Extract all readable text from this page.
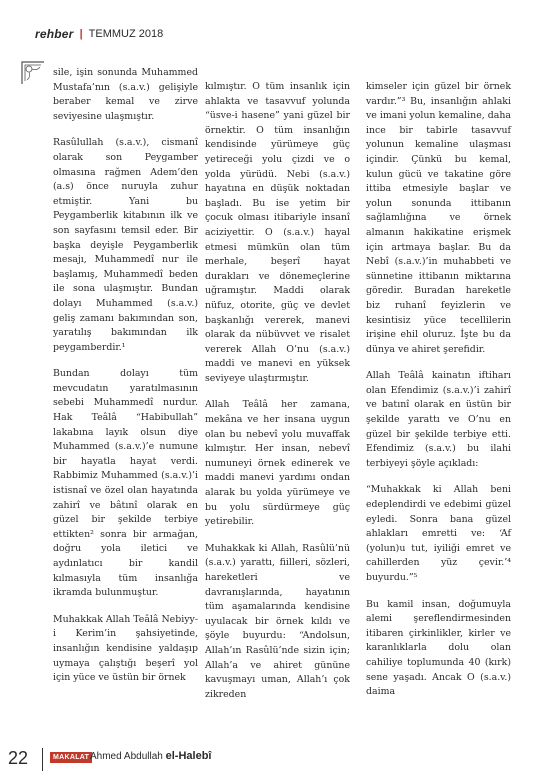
rehber | TEMMUZ 2018

sile, işin sonunda Muhammed Mustafa’nın (s.a.v.) gelişiyle beraber kemal ve zirve seviyesine ulaşmıştır.

Rasûlullah (s.a.v.), cismanî olarak son Peygamber olmasına rağmen Adem’den (a.s) önce nuruyla zuhur etmiştir. Yani bu Peygamberlik kitabının ilk ve son sayfasını temsil eder. Bir başka deyişle Peygamberlik mesajı, Muhammedî nur ile başlamış, Muhammedî beden ile sona ulaşmıştır. Bundan dolayı Muhammed (s.a.v.) geliş zamanı bakımından son, yaratılış bakımından ilk peygamberdir.¹

Bundan dolayı tüm mevcudatın yaratılmasının sebebi Muhammedî nurdur. Hak Teâlâ “Habibullah” lakabına layık olsun diye Muhammed (s.a.v.)’e numune bir hayatla hayat verdi. Rabbimiz Muhammed (s.a.v.)’i istisnaî ve özel olan hayatında zahirî ve bâtınî olarak en güzel bir şekilde terbiye ettikten² sonra bir armağan, doğru yola iletici ve aydınlatıcı bir kandil kılmasıyla tüm insanlığa ikramda bulunmuştur.

Muhakkak Allah Teâlâ Nebiyy-i Kerim’in şahsiyetinde, insanlığın kendisine yaldaşıp uymaya çalıştığı beşerî yol için yüce ve üstün bir örnek

kılmıştır. O tüm insanlık için ahlakta ve tasavvuf yolunda “üsve-i hasene” yani güzel bir örnektir. O tüm insanlığın kendisinde yürümeye güç yetireceği yolu çizdi ve o yolda yürüdü. Nebi (s.a.v.) hayatına en düşük noktadan başladı. Bu ise yetim bir çocuk olması itibariyle insanî aciziyettir. O (s.a.v.) hayal etmesi mümkün olan tüm merhale, beşerî hayat durakları ve dönemeçlerine uğramıştır. Maddi olarak nüfuz, otorite, güç ve devlet başkanlığı vererek, manevi olarak da nübüvvet ve risalet vererek Allah O’nu (s.a.v.) maddi ve manevi en yüksek seviyeye ulaştırmıştır.

Allah Teâlâ her zamana, mekâna ve her insana uygun olan bu nebevî yolu muvaffak kılmıştır. Her insan, nebevî numuneyi örnek edinerek ve maddi manevi yardımı ondan alarak bu yolda yürümeye ve bu yolu sürdürmeye güç yetirebilir.

Muhakkak ki Allah, Rasûlü’nü (s.a.v.) yarattı, fiilleri, sözleri, hareketleri ve davranışlarında, hayatının tüm aşamalarında kendisine uyulacak bir örnek kıldı ve şöyle buyurdu: “Andolsun, Allah’ın Rasûlü’nde sizin için; Allah’a ve ahiret gününe kavuşmayı uman, Allah’ı çok zikreden

kimseler için güzel bir örnek vardır.”³ Bu, insanlığın ahlaki ve imani yolun kemaline, daha ince bir tabirle tasavvuf yolunun kemaline ulaşması içindir. Çünkü bu kemal, kulun gücü ve takatine göre ittiba etmesiyle başlar ve yolun sonunda ittibanın sağlamlığına ve örnek almanın hakikatine erişmek için artmaya başlar. Bu da Nebî (s.a.v.)’in muhabbeti ve sünnetine ittibanın miktarına göredir. Buradan hareketle biz ruhanî feyizlerin ve kesintisiz yüce tecellilerin irişine ehil oluruz. İşte bu da dünya ve ahiret şerefidir.

Allah Teâlâ kainatın iftiharı olan Efendimiz (s.a.v.)’i zahirî ve batınî olarak en üstün bir şekilde yarattı ve O’nu en güzel bir şekilde terbiye etti. Efendimiz (s.a.v.) bu ilahi terbiyeyi şöyle açıkladı:

“Muhakkak ki Allah beni edeplendirdi ve edebimi güzel eyledi. Sonra bana güzel ahlakları emretti ve: ‘Af (yolun)u tut, iyiliği emret ve cahillerden yüz çevir.’⁴ buyurdu.”⁵

Bu kamil insan, doğumuyla alemi şereflendirmesinden itibaren çirkinlikler, kirler ve karanlıklarla dolu olan cahiliye toplumunda 40 (kırk) sene yaşadı. Ancak O (s.a.v.) daima

22	MAKALAT Ahmed Abdullah el-Halebî
